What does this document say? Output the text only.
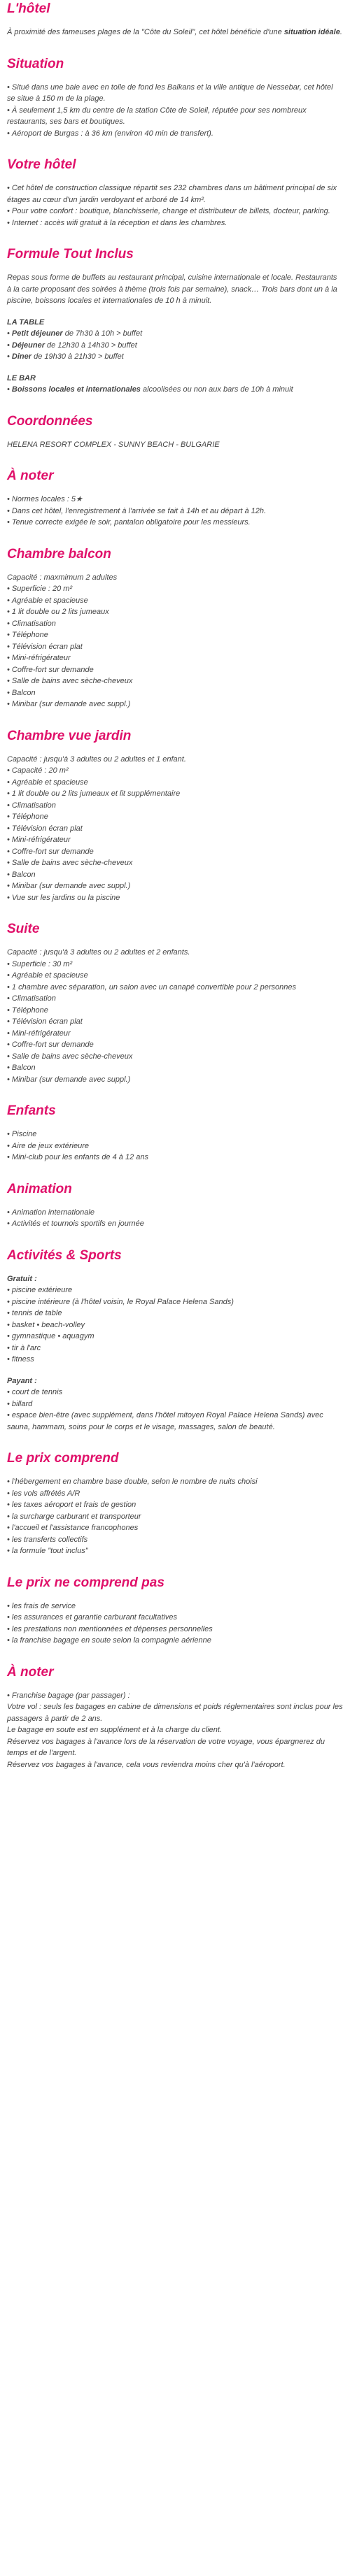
L'hôtel

À proximité des fameuses plages de la "Côte du Soleil", cet hôtel bénéficie d'une situation idéale.

Situation
• Situé dans une baie avec en toile de fond les Balkans et la ville antique de Nessebar, cet hôtel se situe à 150 m de la plage.
• À seulement 1,5 km du centre de la station Côte de Soleil, réputée pour ses nombreux restaurants, ses bars et boutiques.
• Aéroport de Burgas : à 36 km (environ 40 min de transfert).
Votre hôtel
• Cet hôtel de construction classique répartit ses 232 chambres dans un bâtiment principal de six étages au cœur d'un jardin verdoyant et arboré de 14 km².
• Pour votre confort : boutique, blanchisserie, change et distributeur de billets, docteur, parking.
• Internet : accès wifi gratuit à la réception et dans les chambres.
Formule Tout Inclus

Repas sous forme de buffets au restaurant principal, cuisine internationale et locale. Restaurants à la carte proposant des soirées à thème (trois fois par semaine), snack… Trois bars dont un à la piscine, boissons locales et internationales de 10 h à minuit.

LA TABLE

• Petit déjeuner de 7h30 à 10h > buffet
• Déjeuner de 12h30 à 14h30 > buffet
• Diner de 19h30 à 21h30 > buffet

LE BAR

• Boissons locales et internationales alcoolisées ou non aux bars de 10h à minuit
Coordonnées

HELENA RESORT COMPLEX - SUNNY BEACH - BULGARIE

À noter
• Normes locales : 5★
• Dans cet hôtel, l'enregistrement à l'arrivée se fait à 14h et au départ à 12h.
• Tenue correcte exigée le soir, pantalon obligatoire pour les messieurs.
Chambre balcon

Capacité : maxmimum 2 adultes

• Superficie : 20 m²
• Agréable et spacieuse
• 1 lit double ou 2 lits jumeaux
• Climatisation
• Téléphone
• Télévision écran plat
• Mini-réfrigérateur
• Coffre-fort sur demande
• Salle de bains avec sèche-cheveux
• Balcon
• Minibar (sur demande avec suppl.)
Chambre vue jardin

Capacité : jusqu'à 3 adultes ou 2 adultes et 1 enfant.

• Capacité : 20 m²
• Agréable et spacieuse
• 1 lit double ou 2 lits jumeaux et lit supplémentaire
• Climatisation
• Téléphone
• Télévision écran plat
• Mini-réfrigérateur
• Coffre-fort sur demande
• Salle de bains avec sèche-cheveux
• Balcon
• Minibar (sur demande avec suppl.)
• Vue sur les jardins ou la piscine
Suite

Capacité : jusqu'à 3 adultes ou 2 adultes et 2 enfants.

• Superficie : 30 m²
• Agréable et spacieuse
• 1 chambre avec séparation, un salon avec un canapé convertible pour 2 personnes
• Climatisation
• Téléphone
• Télévision écran plat
• Mini-réfrigérateur
• Coffre-fort sur demande
• Salle de bains avec sèche-cheveux
• Balcon
• Minibar (sur demande avec suppl.)
Enfants
• Piscine
• Aire de jeux extérieure
• Mini-club pour les enfants de 4 à 12 ans
Animation
• Animation internationale
• Activités et tournois sportifs en journée
Activités & Sports

Gratuit :

• piscine extérieure
• piscine intérieure (à l'hôtel voisin, le Royal Palace Helena Sands)
• tennis de table
• basket • beach-volley
• gymnastique • aquagym
• tir à l'arc
• fitness

Payant :

• court de tennis
• billard
• espace bien-être (avec supplément, dans l'hôtel mitoyen Royal Palace Helena Sands) avec sauna, hammam, soins pour le corps et le visage, massages, salon de beauté.
Le prix comprend
• l'hébergement en chambre base double, selon le nombre de nuits choisi
• les vols affrétés A/R
• les taxes aéroport et frais de gestion
• la surcharge carburant et transporteur
• l'accueil et l'assistance francophones
• les transferts collectifs
• la formule "tout inclus"
Le prix ne comprend pas
• les frais de service
• les assurances et garantie carburant facultatives
• les prestations non mentionnées et dépenses personnelles
• la franchise bagage en soute selon la compagnie aérienne
À noter

• Franchise bagage (par passager) :

Votre vol : seuls les bagages en cabine de dimensions et poids réglementaires sont inclus pour les passagers à partir de 2 ans.

Le bagage en soute est en supplément et à la charge du client.

Réservez vos bagages à l'avance lors de la réservation de votre voyage, vous épargnerez du temps et de l'argent.

Réservez vos bagages à l'avance, cela vous reviendra moins cher qu'à l'aéroport.
